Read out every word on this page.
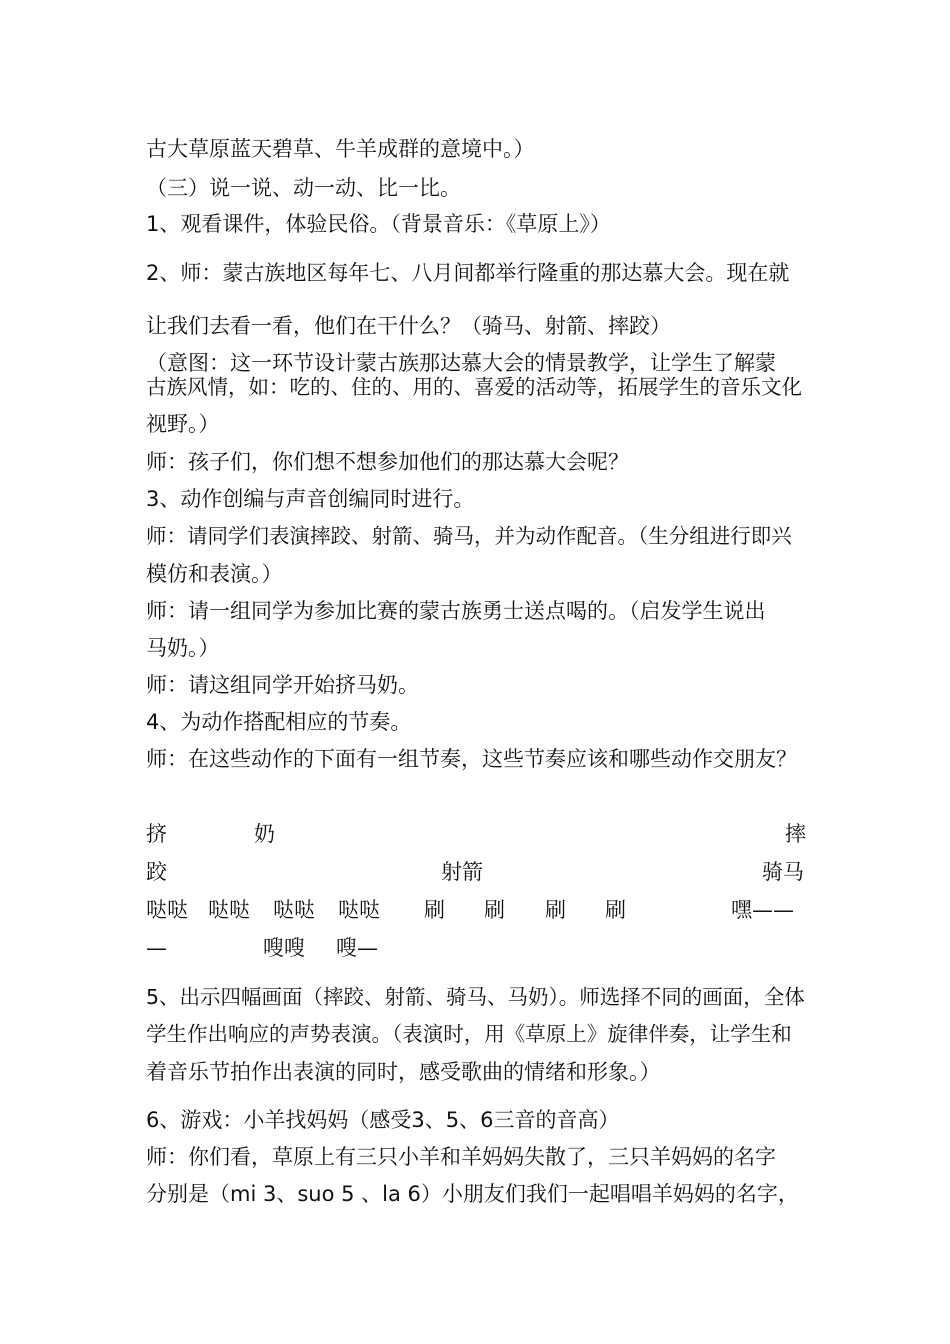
古大草原蓝天碧草、牛羊成群的意境中。）
（三）说一说、动一动、比一比。
1、观看课件，体验民俗。（背景音乐：《草原上》）
2、师：蒙古族地区每年七、八月间都举行隆重的那达慕大会。现在就
让我们去看一看，他们在干什么？（骑马、射箭、摔跤）
（意图：这一环节设计蒙古族那达慕大会的情景教学，让学生了解蒙
古族风情，如：吃的、住的、用的、喜爱的活动等，拓展学生的音乐文化
视野。）
师：孩子们，你们想不想参加他们的那达慕大会呢？
3、动作创编与声音创编同时进行。
师：请同学们表演摔跤、射箭、骑马，并为动作配音。（生分组进行即兴
模仿和表演。）
师：请一组同学为参加比赛的蒙古族勇士送点喝的。（启发学生说出
马奶。）
师：请这组同学开始挤马奶。
4、为动作搭配相应的节奏。
师：在这些动作的下面有一组节奏，这些节奏应该和哪些动作交朋友？
挤	奶	摔
跤	射箭	骑马
哒哒 哒哒 哒哒 哒哒 刷 刷 刷 刷	嘿——
—	嗖嗖 嗖—
5、出示四幅画面（摔跤、射箭、骑马、马奶）。师选择不同的画面，全体
学生作出响应的声势表演。（表演时，用《草原上》旋律伴奏，让学生和
着音乐节拍作出表演的同时，感受歌曲的情绪和形象。）
6、游戏：小羊找妈妈（感受3、5、6三音的音高）
师：你们看，草原上有三只小羊和羊妈妈失散了，三只羊妈妈的名字
分别是（mi 3、suo 5 、la 6）小朋友们我们一起唱唱羊妈妈的名字，
